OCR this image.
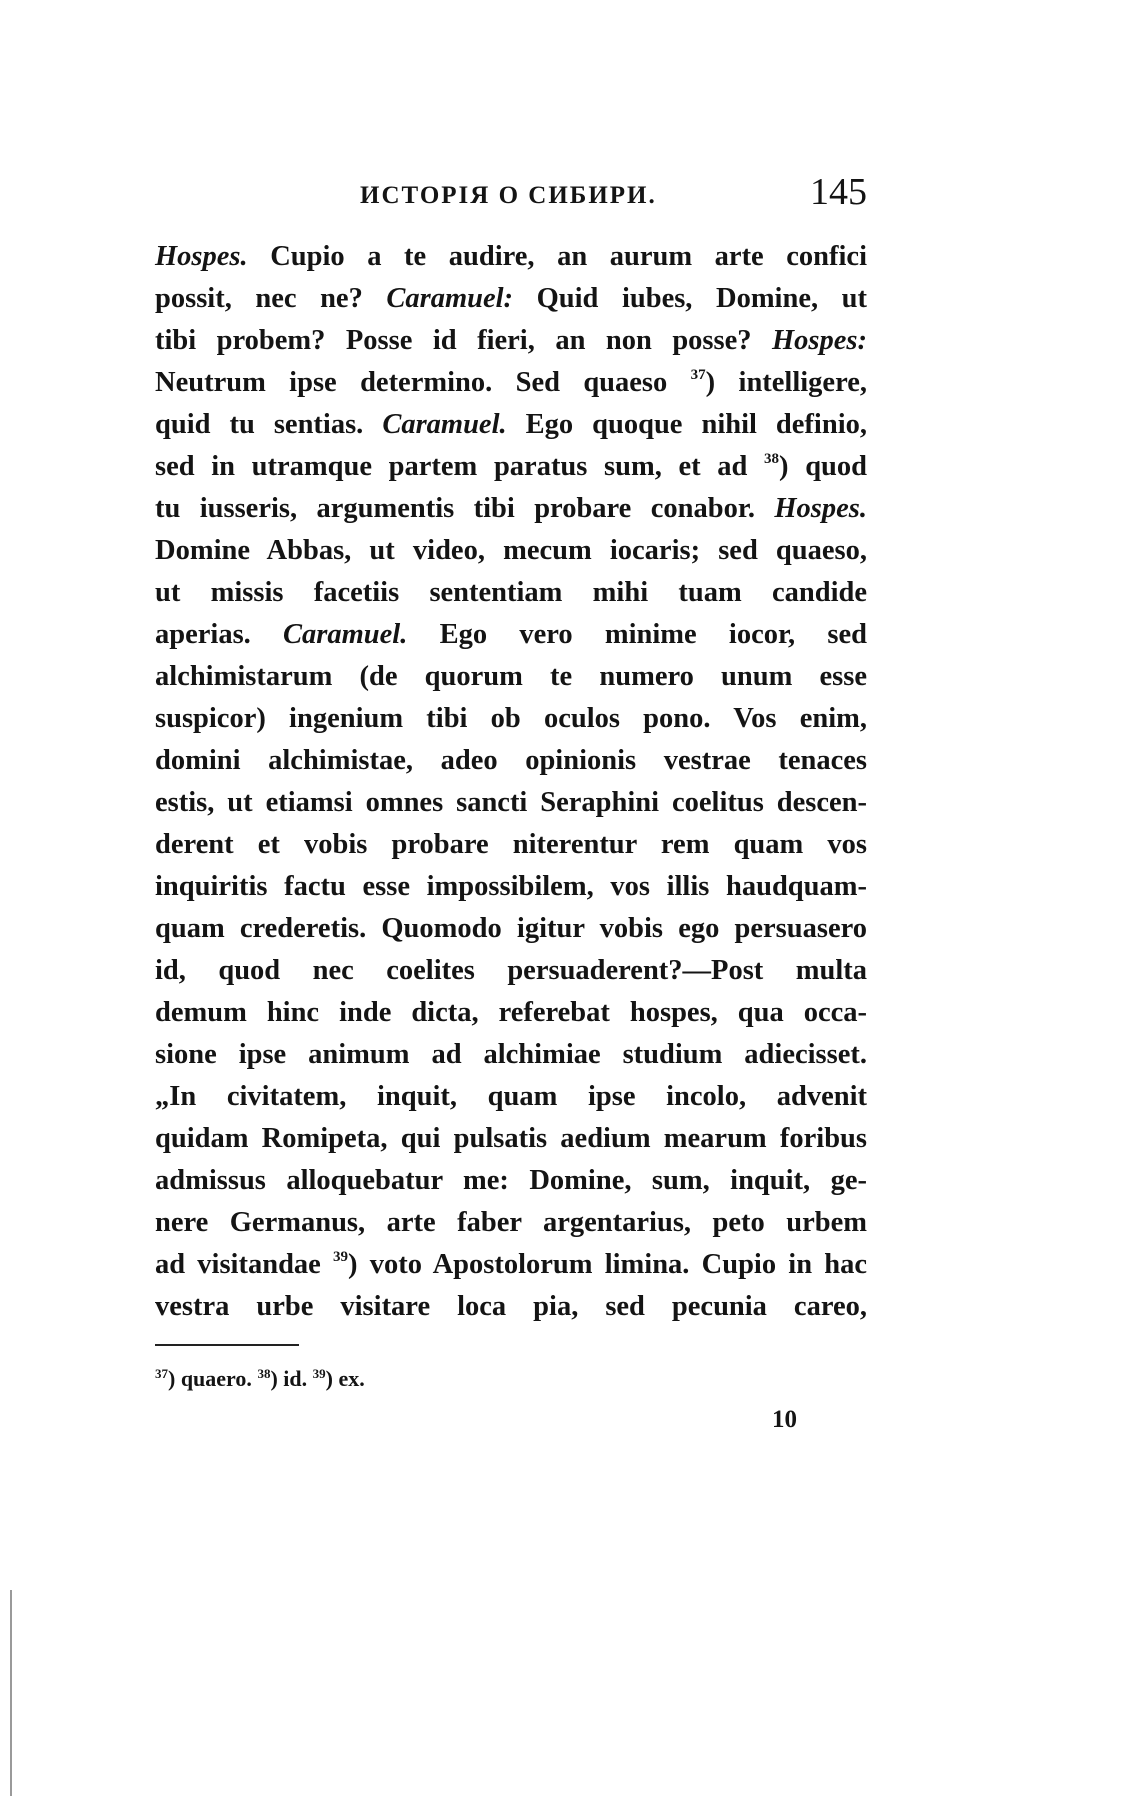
ИСТОРІЯ О СИБИРИ.	145
Hospes. Cupio a te audire, an aurum arte confici
possit, nec ne? Caramuel: Quid iubes, Domine, ut
tibi probem? Posse id fieri, an non posse? Hospes:
Neutrum ipse determino. Sed quaeso $^{37}$) intelligere,
quid tu sentias. Caramuel. Ego quoque nihil definio,
sed in utramque partem paratus sum, et ad $^{38}$) quod
tu iusseris, argumentis tibi probare conabor. Hospes.
Domine Abbas, ut video, mecum iocaris; sed quaeso,
ut missis facetiis sententiam mihi tuam candide
aperias. Caramuel. Ego vero minime iocor, sed
alchimistarum (de quorum te numero unum esse
suspicor) ingenium tibi ob oculos pono. Vos enim,
domini alchimistae, adeo opinionis vestrae tenaces
estis, ut etiamsi omnes sancti Seraphini coelitus descen-
derent et vobis probare niterentur rem quam vos
inquiritis factu esse impossibilem, vos illis haudquam-
quam crederetis. Quomodo igitur vobis ego persuasero
id, quod nec coelites persuaderent?—Post multa
demum hinc inde dicta, referebat hospes, qua occa-
sione ipse animum ad alchimiae studium adiecisset.
„In civitatem, inquit, quam ipse incolo, advenit
quidam Romipeta, qui pulsatis aedium mearum foribus
admissus alloquebatur me: Domine, sum, inquit, ge-
nere Germanus, arte faber argentarius, peto urbem
ad visitandae $^{39}$) voto Apostolorum limina. Cupio in hac
vestra urbe visitare loca pia, sed pecunia careo,
$^{37}$) quaero. $^{38}$) id. $^{39}$) ex.
10
